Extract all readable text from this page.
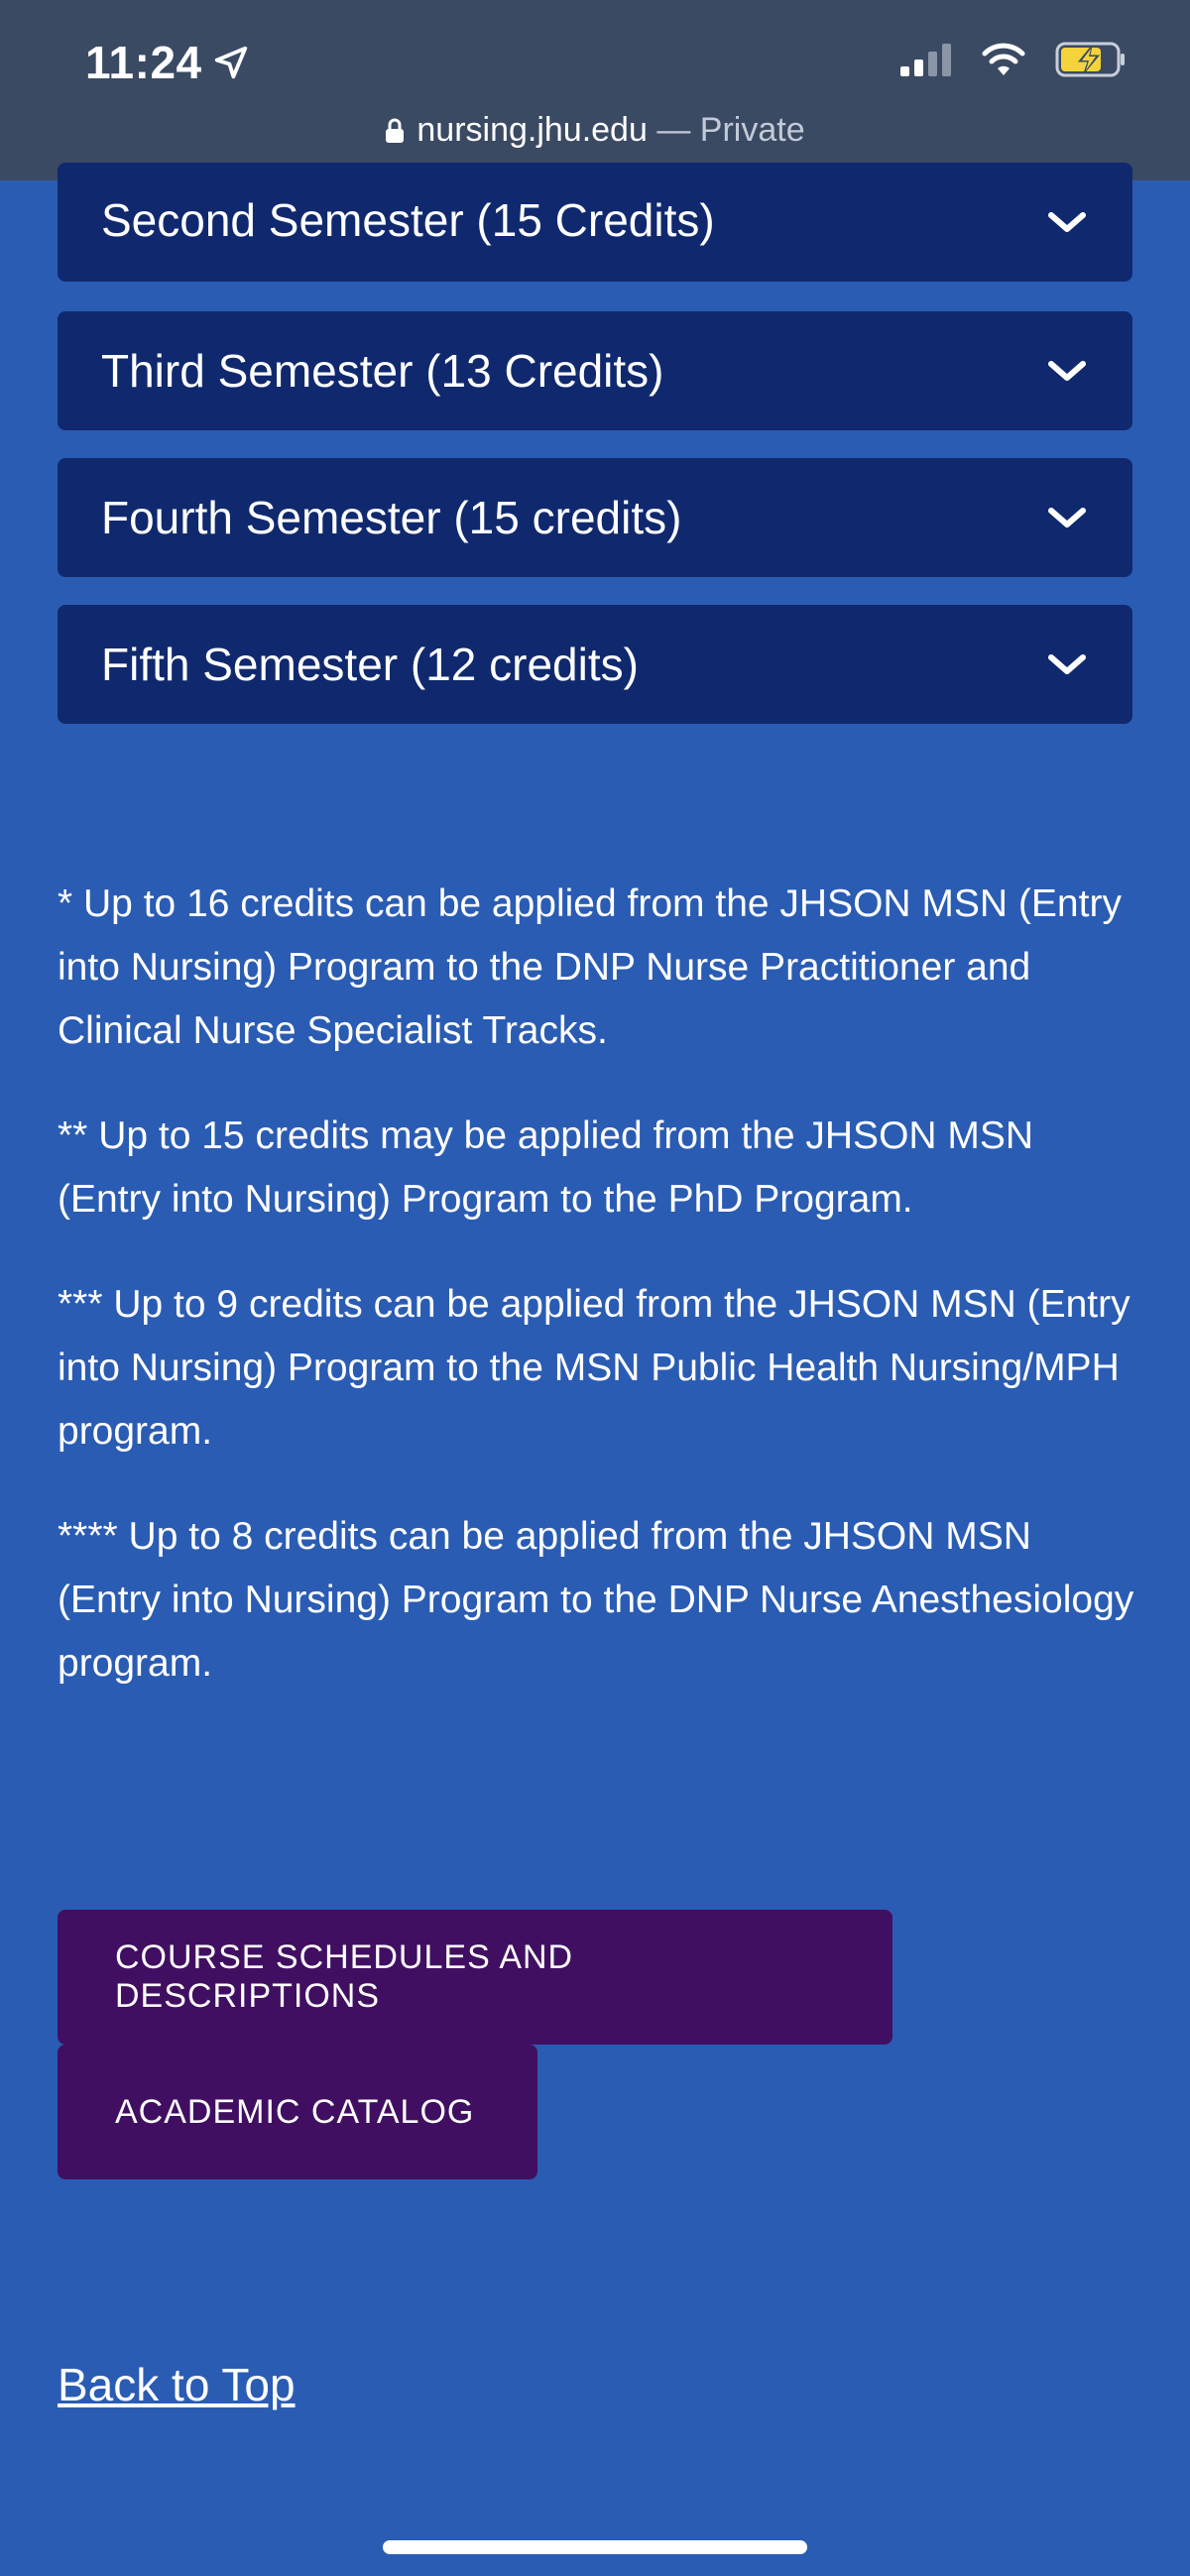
11:24
nursing.jhu.edu — Private
Second Semester (15 Credits)
Third Semester (13 Credits)
Fourth Semester (15 credits)
Fifth Semester (12 credits)

* Up to 16 credits can be applied from the JHSON MSN (Entry into Nursing) Program to the DNP Nurse Practitioner and Clinical Nurse Specialist Tracks.

** Up to 15 credits may be applied from the JHSON MSN (Entry into Nursing) Program to the PhD Program.

*** Up to 9 credits can be applied from the JHSON MSN (Entry into Nursing) Program to the MSN Public Health Nursing/MPH program.

**** Up to 8 credits can be applied from the JHSON MSN (Entry into Nursing) Program to the DNP Nurse Anesthesiology program.

COURSE SCHEDULES AND DESCRIPTIONS
ACADEMIC CATALOG
Back to Top
